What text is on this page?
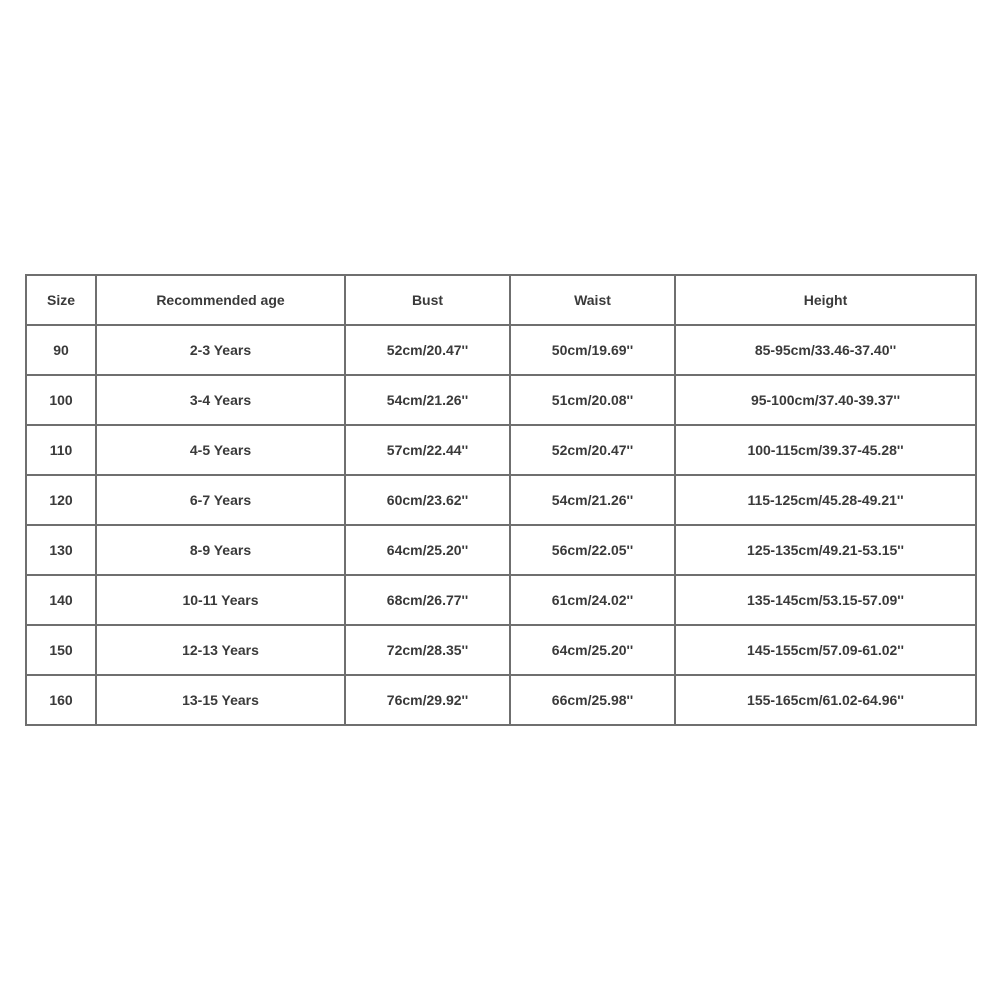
Size	Recommended age	Bust	Waist	Height
90	2-3 Years	52cm/20.47''	50cm/19.69''	85-95cm/33.46-37.40''
100	3-4 Years	54cm/21.26''	51cm/20.08''	95-100cm/37.40-39.37''
110	4-5 Years	57cm/22.44''	52cm/20.47''	100-115cm/39.37-45.28''
120	6-7 Years	60cm/23.62''	54cm/21.26''	115-125cm/45.28-49.21''
130	8-9 Years	64cm/25.20''	56cm/22.05''	125-135cm/49.21-53.15''
140	10-11 Years	68cm/26.77''	61cm/24.02''	135-145cm/53.15-57.09''
150	12-13 Years	72cm/28.35''	64cm/25.20''	145-155cm/57.09-61.02''
160	13-15 Years	76cm/29.92''	66cm/25.98''	155-165cm/61.02-64.96''
